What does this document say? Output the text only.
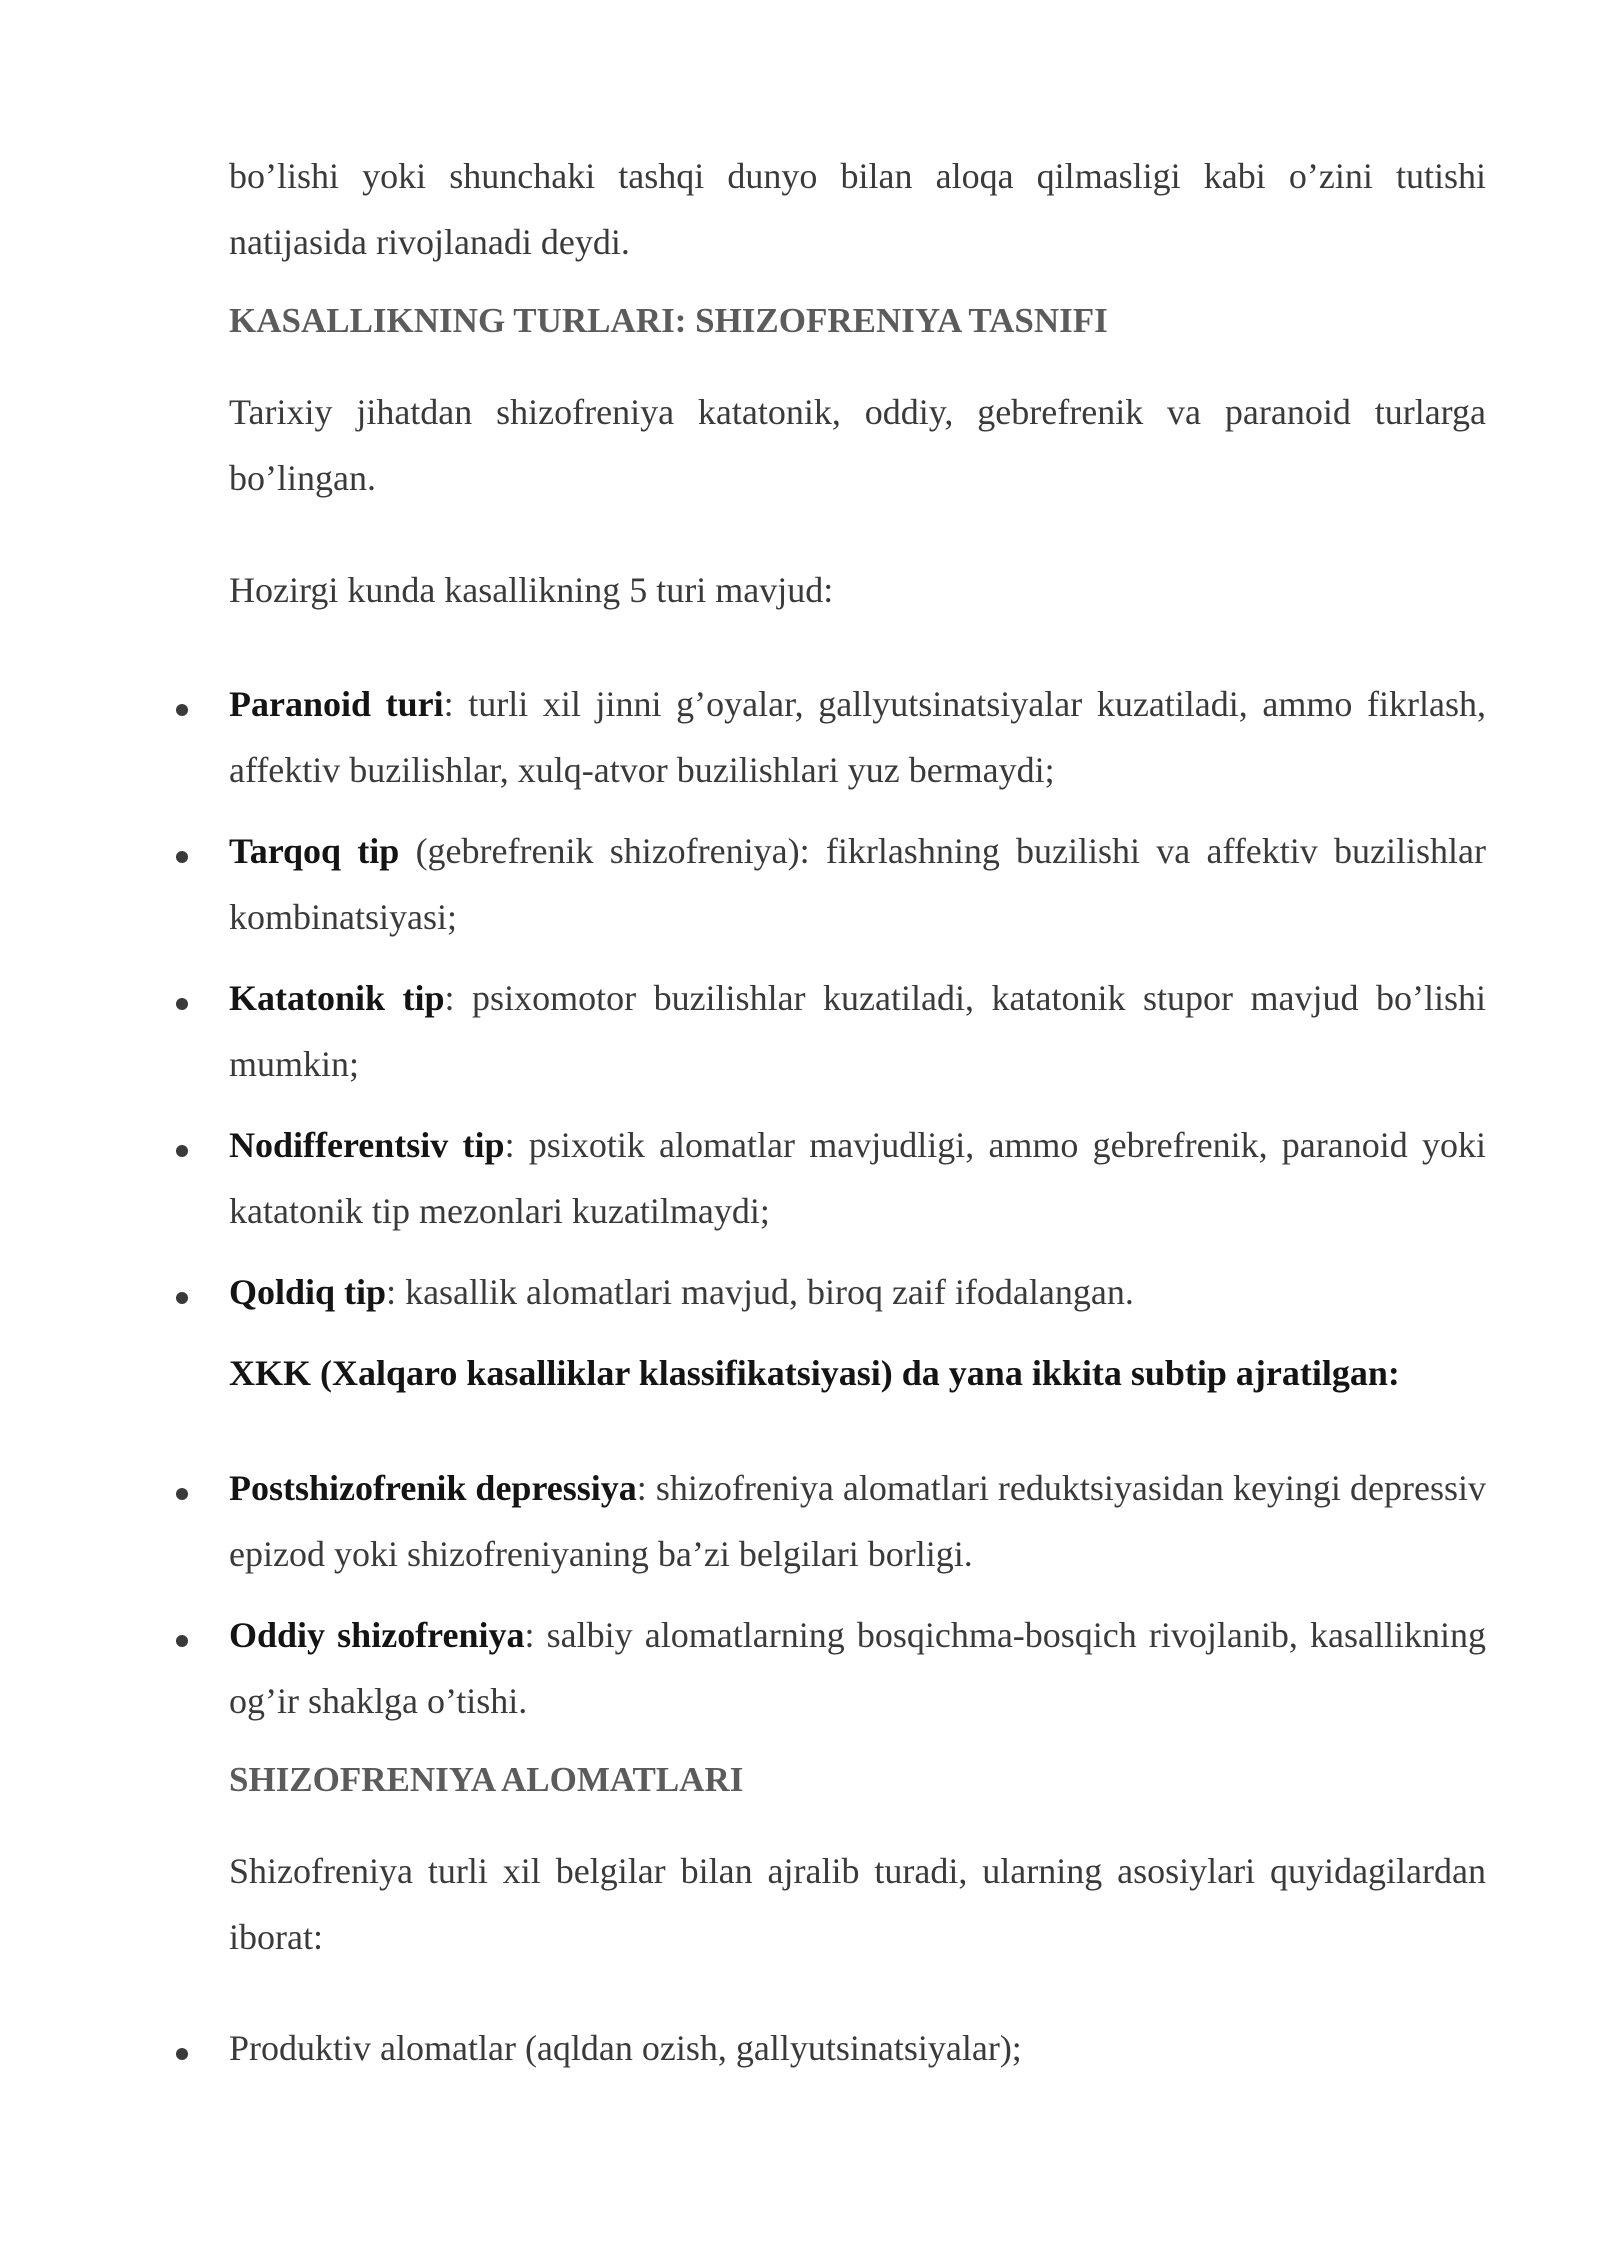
bo’lishi yoki shunchaki tashqi dunyo bilan aloqa qilmasligi kabi o’zini tutishi natijasida rivojlanadi deydi.
KASALLIKNING TURLARI: SHIZOFRENIYA TASNIFI
Tarixiy jihatdan shizofreniya katatonik, oddiy, gebrefrenik va paranoid turlarga bo’lingan.
Hozirgi kunda kasallikning 5 turi mavjud:
Paranoid turi: turli xil jinni g’oyalar, gallyutsinatsiyalar kuzatiladi, ammo fikrlash, affektiv buzilishlar, xulq-atvor buzilishlari yuz bermaydi;
Tarqoq tip (gebrefrenik shizofreniya): fikrlashning buzilishi va affektiv buzilishlar kombinatsiyasi;
Katatonik tip: psixomotor buzilishlar kuzatiladi, katatonik stupor mavjud bo’lishi mumkin;
Nodifferentsiv tip: psixotik alomatlar mavjudligi, ammo gebrefrenik, paranoid yoki katatonik tip mezonlari kuzatilmaydi;
Qoldiq tip: kasallik alomatlari mavjud, biroq zaif ifodalangan.
XKK (Xalqaro kasalliklar klassifikatsiyasi) da yana ikkita subtip ajratilgan:
Postshizofrenik depressiya: shizofreniya alomatlari reduktsiyasidan keyingi depressiv epizod yoki shizofreniyaning ba’zi belgilari borligi.
Oddiy shizofreniya: salbiy alomatlarning bosqichma-bosqich rivojlanib, kasallikning og’ir shaklga o’tishi.
SHIZOFRENIYA ALOMATLARI
Shizofreniya turli xil belgilar bilan ajralib turadi, ularning asosiylari quyidagilardan iborat:
Produktiv alomatlar (aqldan ozish, gallyutsinatsiyalar);
